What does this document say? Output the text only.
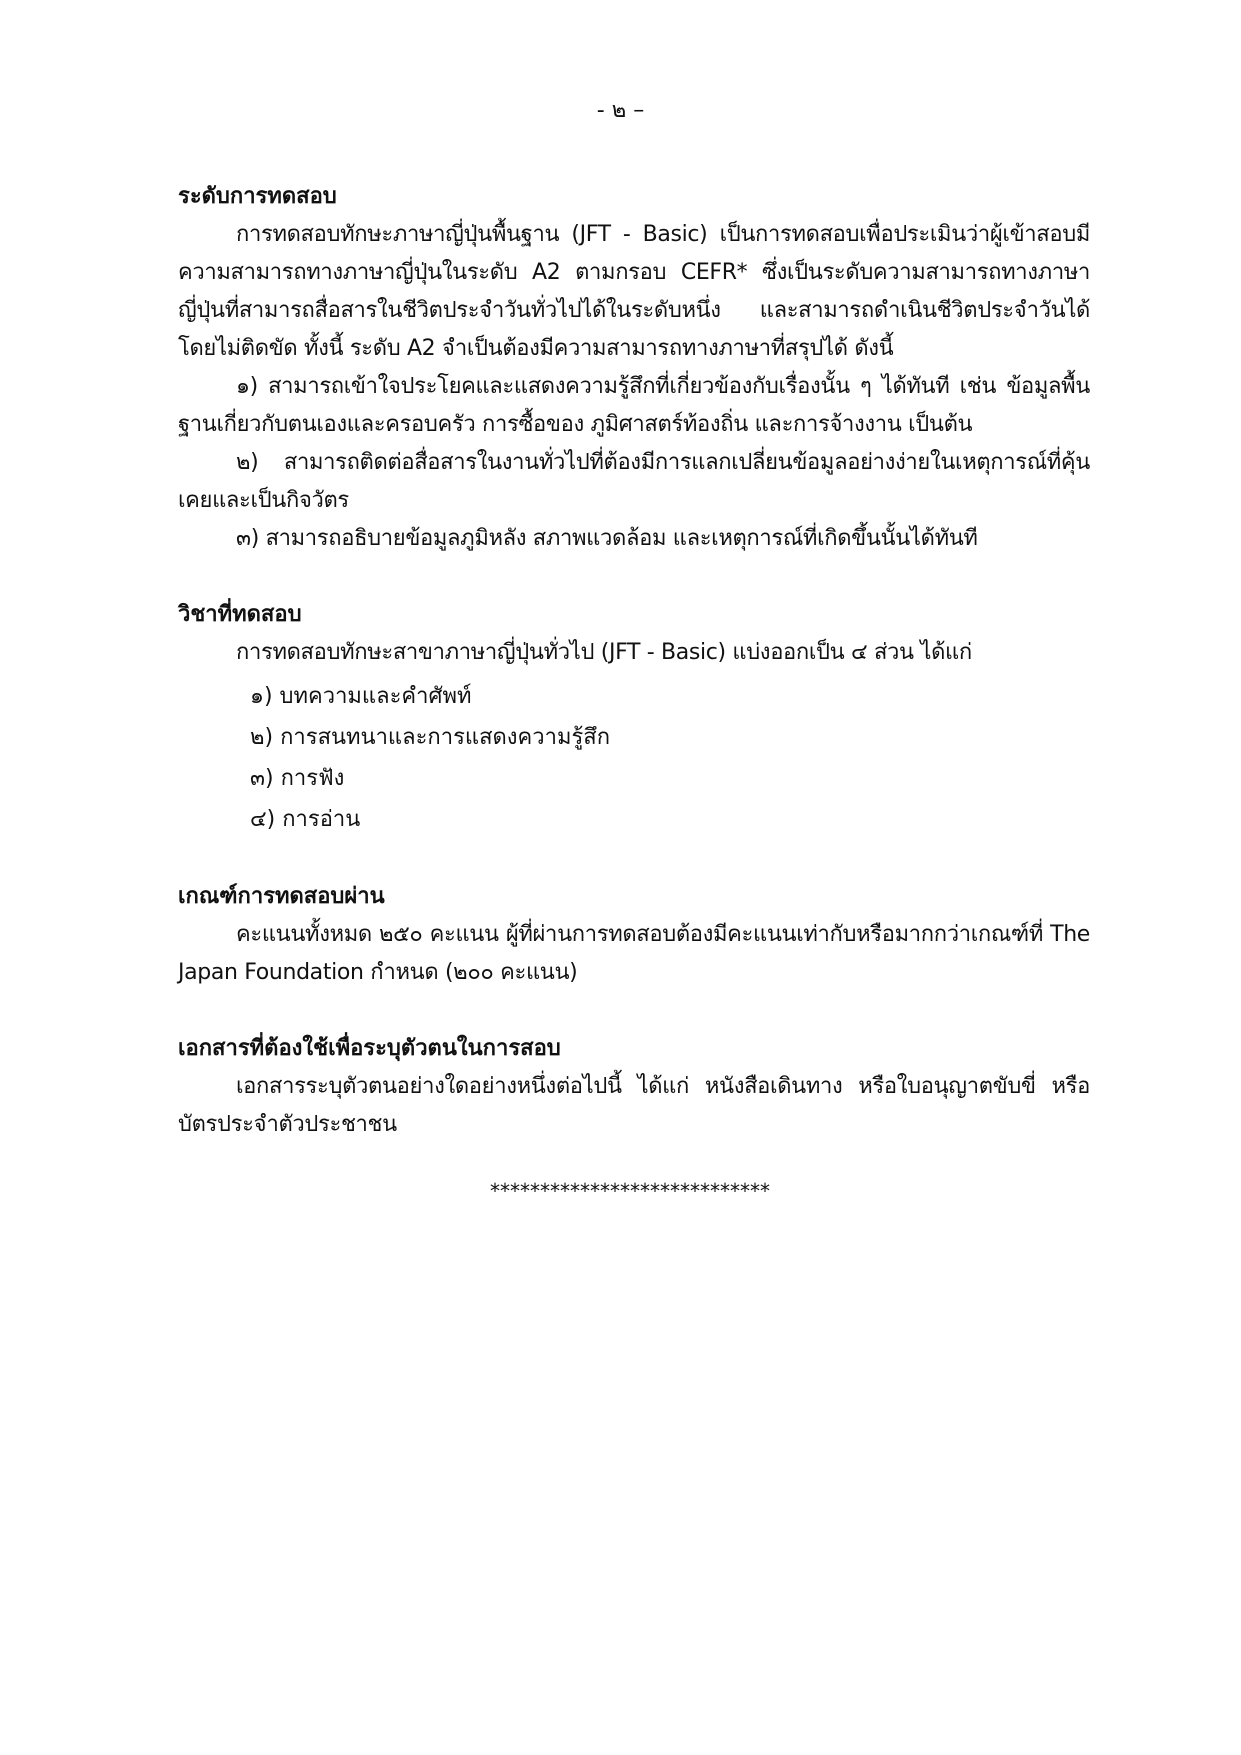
- ๒ –

ระดับการทดสอบ

การทดสอบทักษะภาษาญี่ปุ่นพื้นฐาน (JFT - Basic) เป็นการทดสอบเพื่อประเมินว่าผู้เข้าสอบมีความสามารถทางภาษาญี่ปุ่นในระดับ A2 ตามกรอบ CEFR* ซึ่งเป็นระดับความสามารถทางภาษาญี่ปุ่นที่สามารถสื่อสารในชีวิตประจำวันทั่วไปได้ในระดับหนึ่ง และสามารถดำเนินชีวิตประจำวันได้โดยไม่ติดขัด ทั้งนี้ ระดับ A2 จำเป็นต้องมีความสามารถทางภาษาที่สรุปได้ ดังนี้

๑) สามารถเข้าใจประโยคและแสดงความรู้สึกที่เกี่ยวข้องกับเรื่องนั้น ๆ ได้ทันที เช่น ข้อมูลพื้นฐานเกี่ยวกับตนเองและครอบครัว การซื้อของ ภูมิศาสตร์ท้องถิ่น และการจ้างงาน เป็นต้น

๒) สามารถติดต่อสื่อสารในงานทั่วไปที่ต้องมีการแลกเปลี่ยนข้อมูลอย่างง่ายในเหตุการณ์ที่คุ้นเคยและเป็นกิจวัตร

๓) สามารถอธิบายข้อมูลภูมิหลัง สภาพแวดล้อม และเหตุการณ์ที่เกิดขึ้นนั้นได้ทันที

วิชาที่ทดสอบ

การทดสอบทักษะสาขาภาษาญี่ปุ่นทั่วไป (JFT - Basic) แบ่งออกเป็น ๔ ส่วน ได้แก่

๑) บทความและคำศัพท์
๒) การสนทนาและการแสดงความรู้สึก
๓) การฟัง
๔) การอ่าน

เกณฑ์การทดสอบผ่าน

คะแนนทั้งหมด ๒๕๐ คะแนน ผู้ที่ผ่านการทดสอบต้องมีคะแนนเท่ากับหรือมากกว่าเกณฑ์ที่ The Japan Foundation กำหนด (๒๐๐ คะแนน)

เอกสารที่ต้องใช้เพื่อระบุตัวตนในการสอบ

เอกสารระบุตัวตนอย่างใดอย่างหนึ่งต่อไปนี้ ได้แก่ หนังสือเดินทาง หรือใบอนุญาตขับขี่ หรือบัตรประจำตัวประชาชน

****************************
